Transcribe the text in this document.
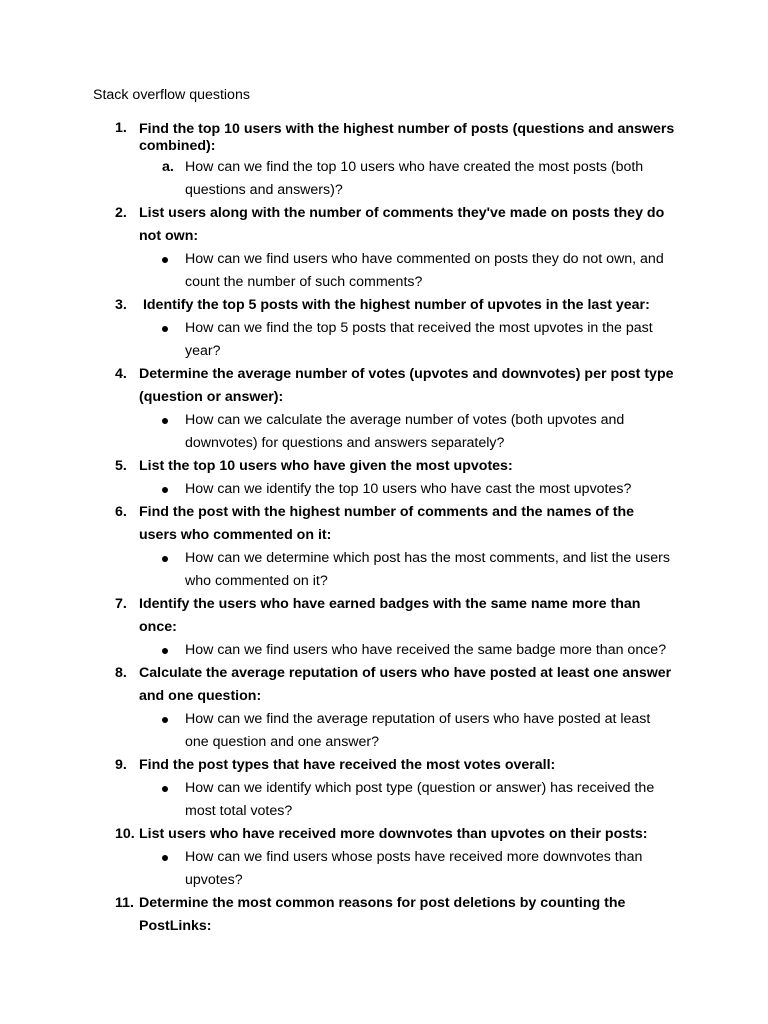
Stack overflow questions
1. Find the top 10 users with the highest number of posts (questions and answers combined):
a. How can we find the top 10 users who have created the most posts (both questions and answers)?
2. List users along with the number of comments they've made on posts they do not own:
How can we find users who have commented on posts they do not own, and count the number of such comments?
3. Identify the top 5 posts with the highest number of upvotes in the last year:
How can we find the top 5 posts that received the most upvotes in the past year?
4. Determine the average number of votes (upvotes and downvotes) per post type (question or answer):
How can we calculate the average number of votes (both upvotes and downvotes) for questions and answers separately?
5. List the top 10 users who have given the most upvotes:
How can we identify the top 10 users who have cast the most upvotes?
6. Find the post with the highest number of comments and the names of the users who commented on it:
How can we determine which post has the most comments, and list the users who commented on it?
7. Identify the users who have earned badges with the same name more than once:
How can we find users who have received the same badge more than once?
8. Calculate the average reputation of users who have posted at least one answer and one question:
How can we find the average reputation of users who have posted at least one question and one answer?
9. Find the post types that have received the most votes overall:
How can we identify which post type (question or answer) has received the most total votes?
10. List users who have received more downvotes than upvotes on their posts:
How can we find users whose posts have received more downvotes than upvotes?
11. Determine the most common reasons for post deletions by counting the PostLinks:
